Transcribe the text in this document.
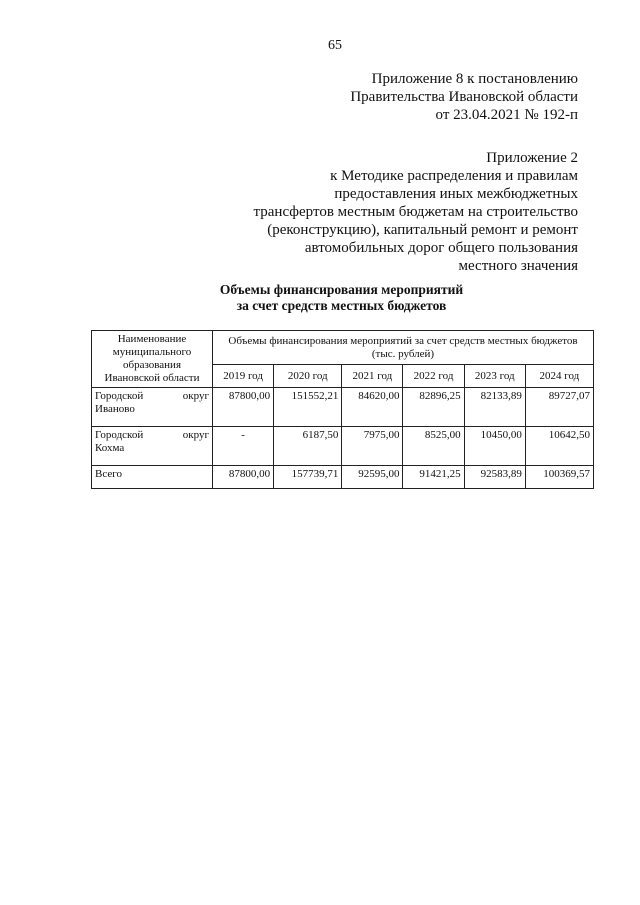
65
Приложение 8 к постановлению
Правительства Ивановской области
от 23.04.2021 № 192-п
Приложение 2
к Методике распределения и правилам
предоставления иных межбюджетных
трансфертов местным бюджетам на строительство
(реконструкцию), капитальный ремонт и ремонт
автомобильных дорог общего пользования
местного значения
Объемы финансирования мероприятий
за счет средств местных бюджетов
Наименование муниципального образования Ивановской области	Объемы финансирования мероприятий за счет средств местных бюджетов (тыс. рублей)					
	2019 год	2020 год	2021 год	2022 год	2023 год	2024 год

Городской округ
Иваново	87800,00	151552,21	84620,00	82896,25	82133,89	89727,07

Городской округ
Кохма	-	6187,50	7975,00	8525,00	10450,00	10642,50

Всего	87800,00	157739,71	92595,00	91421,25	92583,89	100369,57
